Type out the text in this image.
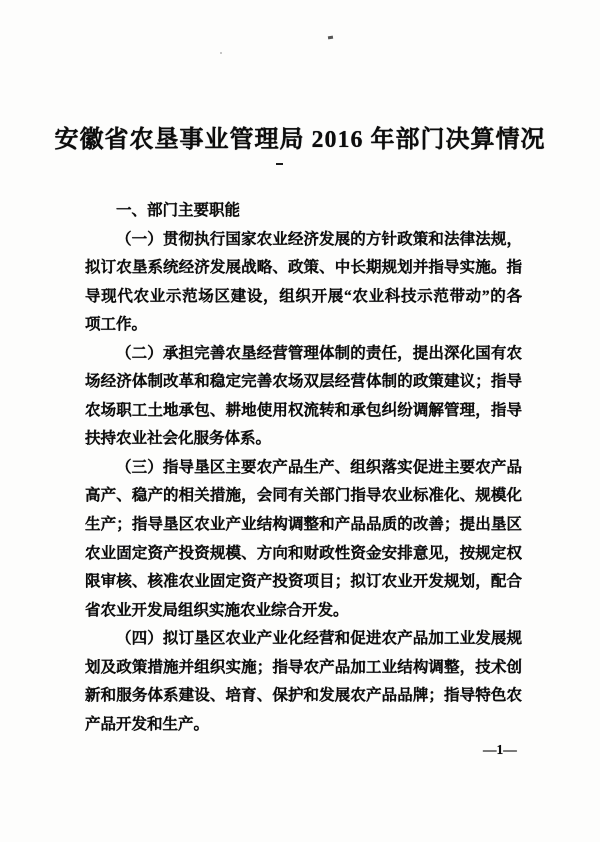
安徽省农垦事业管理局 2016 年部门决算情况
一、部门主要职能
（一）贯彻执行国家农业经济发展的方针政策和法律法规，
拟订农垦系统经济发展战略、政策、中长期规划并指导实施。指
导现代农业示范场区建设，组织开展“农业科技示范带动”的各
项工作。
（二）承担完善农垦经营管理体制的责任，提出深化国有农
场经济体制改革和稳定完善农场双层经营体制的政策建议；指导
农场职工土地承包、耕地使用权流转和承包纠纷调解管理，指导
扶持农业社会化服务体系。
（三）指导垦区主要农产品生产、组织落实促进主要农产品
高产、稳产的相关措施，会同有关部门指导农业标准化、规模化
生产；指导垦区农业产业结构调整和产品品质的改善；提出垦区
农业固定资产投资规模、方向和财政性资金安排意见，按规定权
限审核、核准农业固定资产投资项目；拟订农业开发规划，配合
省农业开发局组织实施农业综合开发。
（四）拟订垦区农业产业化经营和促进农产品加工业发展规
划及政策措施并组织实施；指导农产品加工业结构调整，技术创
新和服务体系建设、培育、保护和发展农产品品牌；指导特色农
产品开发和生产。
—1—
